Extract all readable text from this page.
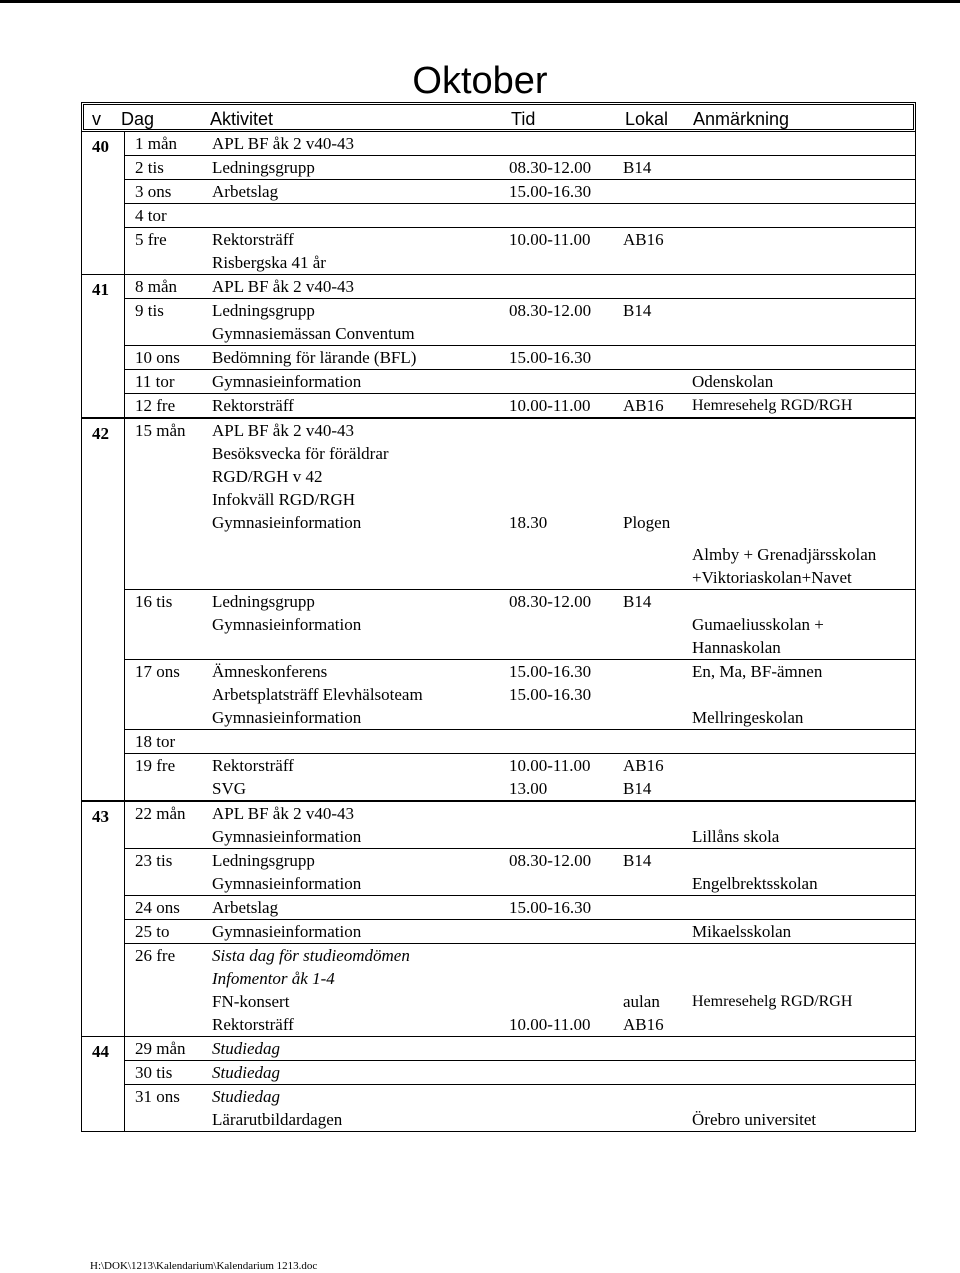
Oktober
v Dag	Aktivitet	Tid	Lokal Anmärkning
40 1 mån APL BF åk 2 v40-43
2 tis	Ledningsgrupp	08.30-12.00 B14
3 ons Arbetslag	15.00-16.30
4 tor
5 fre	Rektorsträff	10.00-11.00 AB16
Risbergska 41 år
41 8 mån APL BF åk 2 v40-43
9 tis	Ledningsgrupp	08.30-12.00 B14
Gymnasiemässan Conventum
10 ons Bedömning för lärande (BFL)	15.00-16.30
11 tor Gymnasieinformation	Odenskolan
12 fre Rektorsträff	10.00-11.00 AB16 Hemresehelg RGD/RGH
42 15 mån APL BF åk 2 v40-43
Besöksvecka för föräldrar
RGD/RGH v 42
Infokväll RGD/RGH
Gymnasieinformation	18.30	Plogen
Almby + Grenadjärsskolan
+Viktoriaskolan+Navet
16 tis Ledningsgrupp	08.30-12.00 B14
Gymnasieinformation	Gumaeliusskolan +
Hannaskolan
17 ons Ämneskonferens	15.00-16.30	En, Ma, BF-ämnen
Arbetsplatsträff Elevhälsoteam	15.00-16.30
Gymnasieinformation	Mellringeskolan
18 tor
19 fre Rektorsträff	10.00-11.00 AB16
SVG	13.00	B14
43 22 mån APL BF åk 2 v40-43
Gymnasieinformation	Lillåns skola
23 tis Ledningsgrupp	08.30-12.00 B14
Gymnasieinformation	Engelbrektsskolan
24 ons Arbetslag	15.00-16.30
25 to	Gymnasieinformation	Mikaelsskolan
26 fre Sista dag för studieomdömen
Infomentor åk 1-4
FN-konsert	aulan Hemresehelg RGD/RGH
Rektorsträff	10.00-11.00 AB16
44 29 mån Studiedag
30 tis Studiedag
31 ons Studiedag
Lärarutbildardagen	Örebro universitet
H:\DOK\1213\Kalendarium\Kalendarium 1213.doc
